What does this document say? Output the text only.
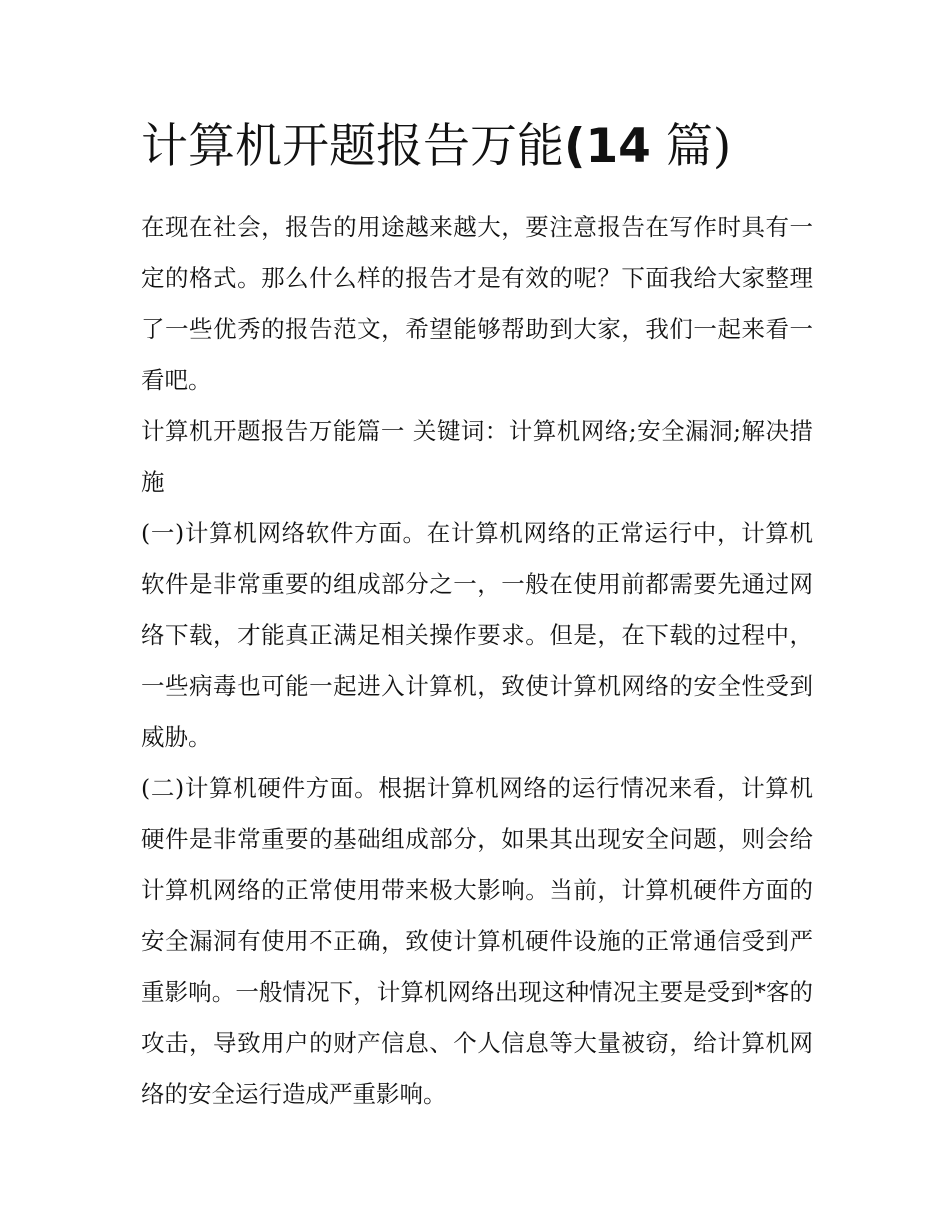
计算机开题报告万能(14 篇)

在现在社会，报告的用途越来越大，要注意报告在写作时具有一定的格式。那么什么样的报告才是有效的呢？下面我给大家整理了一些优秀的报告范文，希望能够帮助到大家，我们一起来看一看吧。

计算机开题报告万能篇一 关键词：计算机网络;安全漏洞;解决措施

(一)计算机网络软件方面。在计算机网络的正常运行中，计算机软件是非常重要的组成部分之一，一般在使用前都需要先通过网络下载，才能真正满足相关操作要求。但是，在下载的过程中，一些病毒也可能一起进入计算机，致使计算机网络的安全性受到威胁。

(二)计算机硬件方面。根据计算机网络的运行情况来看，计算机硬件是非常重要的基础组成部分，如果其出现安全问题，则会给计算机网络的正常使用带来极大影响。当前，计算机硬件方面的安全漏洞有使用不正确，致使计算机硬件设施的正常通信受到严重影响。一般情况下，计算机网络出现这种情况主要是受到*客的攻击，导致用户的财产信息、个人信息等大量被窃，给计算机网络的安全运行造成严重影响。
